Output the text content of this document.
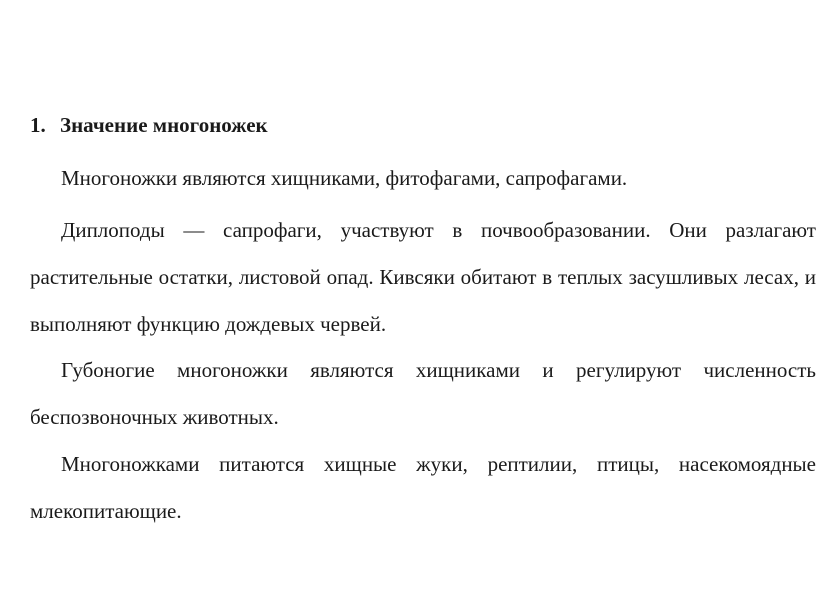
1. Значение многоножек

Многоножки являются хищниками, фитофагами, сапрофагами.

Диплоподы — сапрофаги, участвуют в почвообразовании. Они разлагают растительные остатки, листовой опад. Кивсяки обитают в теплых засушливых лесах, и выполняют функцию дождевых червей.

Губоногие многоножки являются хищниками и регулируют численность беспозвоночных животных.

Многоножками питаются хищные жуки, рептилии, птицы, насекомоядные млекопитающие.
